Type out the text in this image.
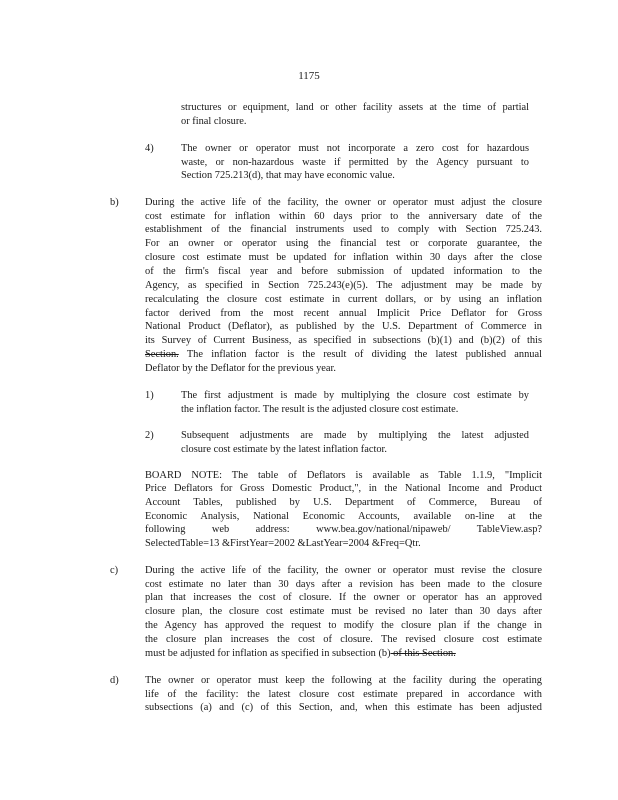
1175
structures or equipment, land or other facility assets at the time of partial
or final closure.
4)	The owner or operator must not incorporate a zero cost for hazardous
waste, or non-hazardous waste if permitted by the Agency pursuant to
Section 725.213(d), that may have economic value.
b)	During the active life of the facility, the owner or operator must adjust the closure
cost estimate for inflation within 60 days prior to the anniversary date of the
establishment of the financial instruments used to comply with Section 725.243.
For an owner or operator using the financial test or corporate guarantee, the
closure cost estimate must be updated for inflation within 30 days after the close
of the firm's fiscal year and before submission of updated information to the
Agency, as specified in Section 725.243(e)(5). The adjustment may be made by
recalculating the closure cost estimate in current dollars, or by using an inflation
factor derived from the most recent annual Implicit Price Deflator for Gross
National Product (Deflator), as published by the U.S. Department of Commerce in
its Survey of Current Business, as specified in subsections (b)(1) and (b)(2) of this
Section. The inflation factor is the result of dividing the latest published annual
Deflator by the Deflator for the previous year.
1)	The first adjustment is made by multiplying the closure cost estimate by
the inflation factor. The result is the adjusted closure cost estimate.
2)	Subsequent adjustments are made by multiplying the latest adjusted
closure cost estimate by the latest inflation factor.
BOARD NOTE: The table of Deflators is available as Table 1.1.9, "Implicit
Price Deflators for Gross Domestic Product,", in the National Income and Product
Account Tables, published by U.S. Department of Commerce, Bureau of
Economic Analysis, National Economic Accounts, available on-line at the
following web address: www.bea.gov/national/nipaweb/ TableView.asp?
SelectedTable=13 &FirstYear=2002 &LastYear=2004 &Freq=Qtr.
c)	During the active life of the facility, the owner or operator must revise the closure
cost estimate no later than 30 days after a revision has been made to the closure
plan that increases the cost of closure. If the owner or operator has an approved
closure plan, the closure cost estimate must be revised no later than 30 days after
the Agency has approved the request to modify the closure plan if the change in
the closure plan increases the cost of closure. The revised closure cost estimate
must be adjusted for inflation as specified in subsection (b) of this Section.
d)	The owner or operator must keep the following at the facility during the operating
life of the facility: the latest closure cost estimate prepared in accordance with
subsections (a) and (c) of this Section, and, when this estimate has been adjusted
